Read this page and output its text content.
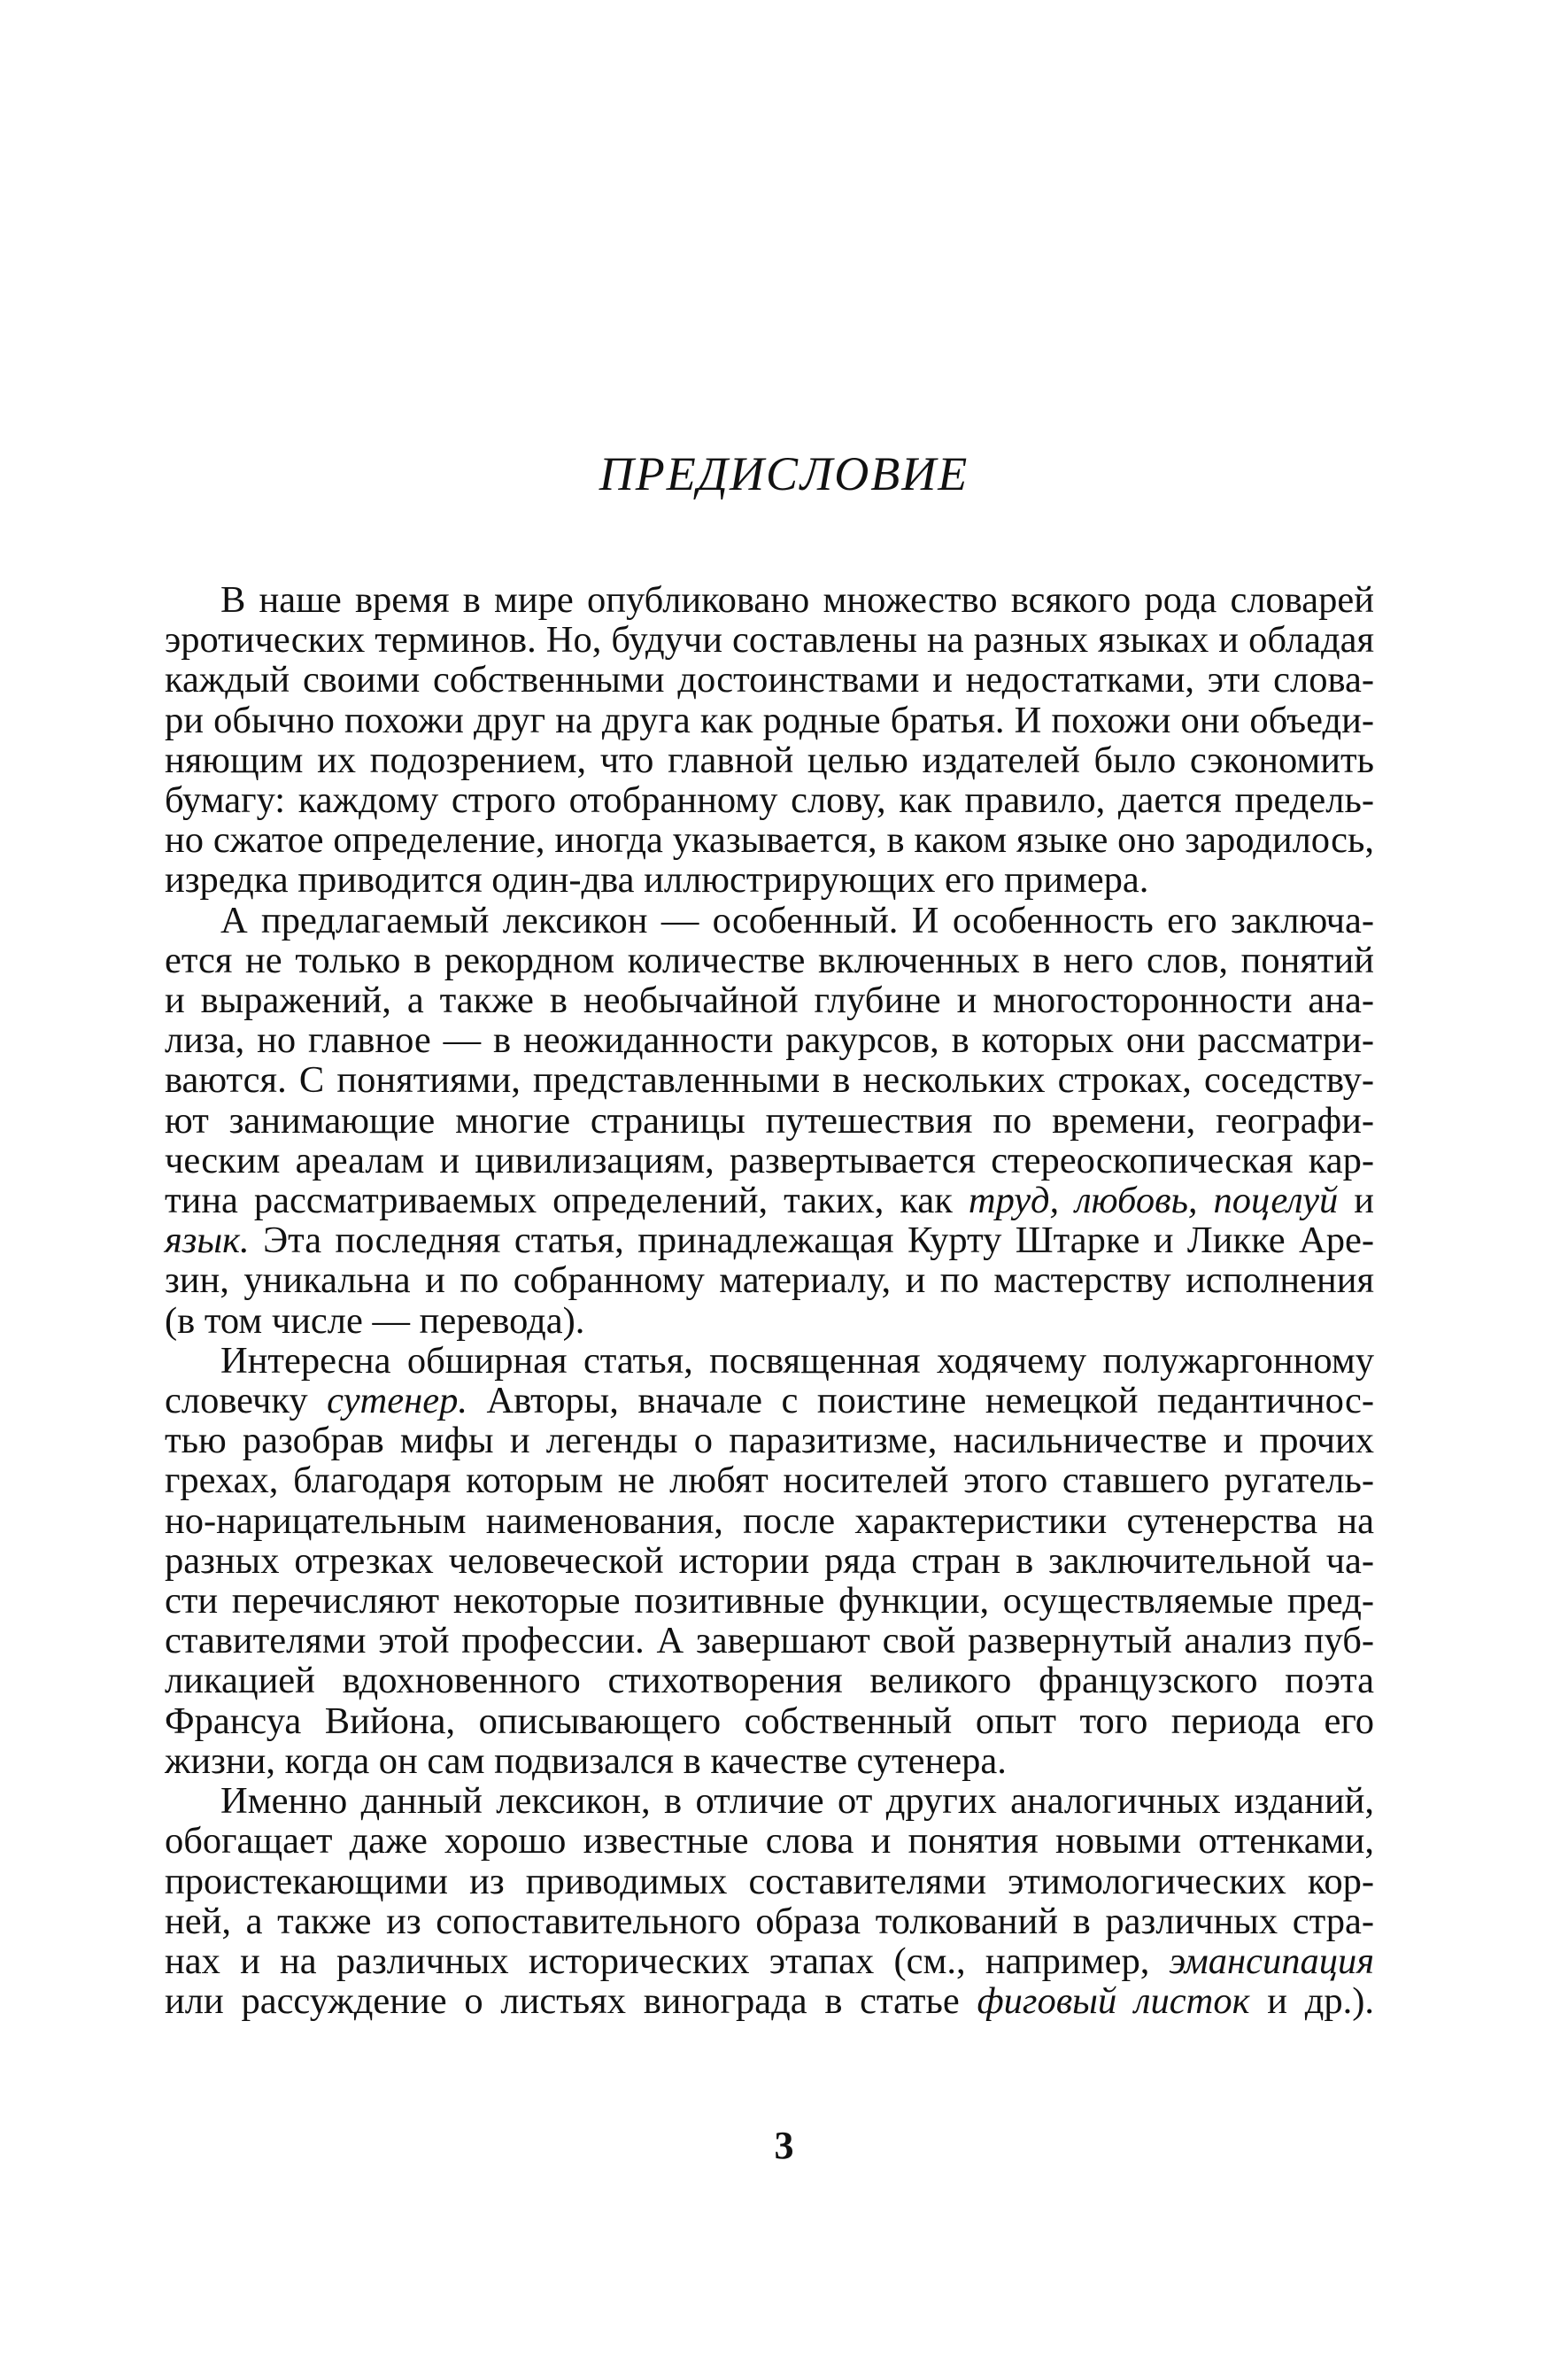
ПРЕДИСЛОВИЕ

В наше время в мире опубликовано множество всякого рода словарей
эротических терминов. Но, будучи составлены на разных языках и обладая
каждый своими собственными достоинствами и недостатками, эти слова-
ри обычно похожи друг на друга как родные братья. И похожи они объеди-
няющим их подозрением, что главной целью издателей было сэкономить
бумагу: каждому строго отобранному слову, как правило, дается предель-
но сжатое определение, иногда указывается, в каком языке оно зародилось,
изредка приводится один-два иллюстрирующих его примера.

А предлагаемый лексикон — особенный. И особенность его заключа-
ется не только в рекордном количестве включенных в него слов, понятий
и выражений, а также в необычайной глубине и многосторонности ана-
лиза, но главное — в неожиданности ракурсов, в которых они рассматри-
ваются. С понятиями, представленными в нескольких строках, соседству-
ют занимающие многие страницы путешествия по времени, географи-
ческим ареалам и цивилизациям, развертывается стереоскопическая кар-
тина рассматриваемых определений, таких, как труд, любовь, поцелуй и
язык. Эта последняя статья, принадлежащая Курту Штарке и Ликке Аре-
зин, уникальна и по собранному материалу, и по мастерству исполнения
(в том числе — перевода).

Интересна обширная статья, посвященная ходячему полужаргонному
словечку сутенер. Авторы, вначале с поистине немецкой педантичнос-
тью разобрав мифы и легенды о паразитизме, насильничестве и прочих
грехах, благодаря которым не любят носителей этого ставшего ругатель-
но-нарицательным наименования, после характеристики сутенерства на
разных отрезках человеческой истории ряда стран в заключительной ча-
сти перечисляют некоторые позитивные функции, осуществляемые пред-
ставителями этой профессии. А завершают свой развернутый анализ пуб-
ликацией вдохновенного стихотворения великого французского поэта
Франсуа Вийона, описывающего собственный опыт того периода его
жизни, когда он сам подвизался в качестве сутенера.

Именно данный лексикон, в отличие от других аналогичных изданий,
обогащает даже хорошо известные слова и понятия новыми оттенками,
проистекающими из приводимых составителями этимологических кор-
ней, а также из сопоставительного образа толкований в различных стра-
нах и на различных исторических этапах (см., например, эмансипация
или рассуждение о листьях винограда в статье фиговый листок и др.).

3
